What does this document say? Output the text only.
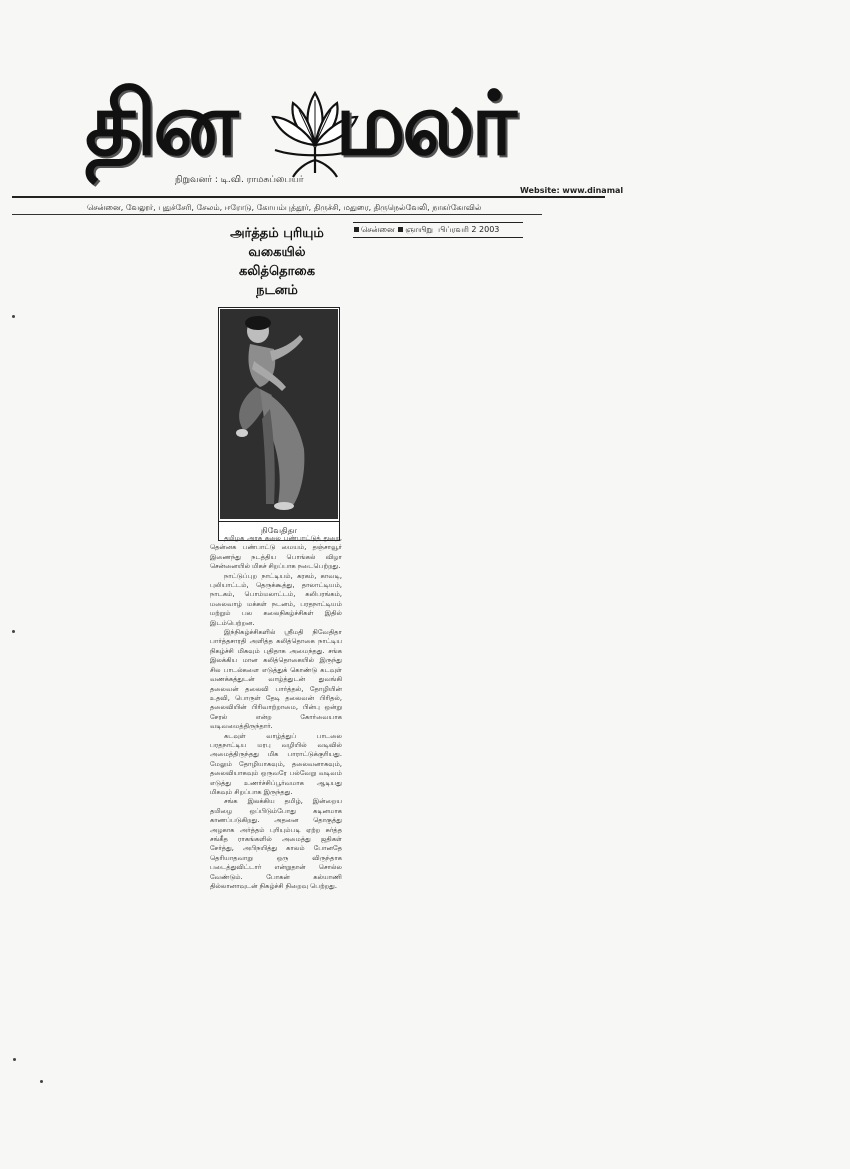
தின மலர்
நிறுவனர் : டி.வி. ராமசுப்பையர்
Website: www.dinamal
சென்னை, வேலூர், புதுச்சேரி, சேலம், ஈரோடு, கோயம்புத்தூர், திருச்சி, மதுரை, திருநெல்வேலி, நாகர்கோவில்
சென்னை ஞாயிறு பிப்ரவரி 2 2003
அர்த்தம் புரியும்
வகையில்
கலித்தொகை
நடனம்
நிவேதிதா

தமிழக அரசு கலை பண்பாட்டுத் துறை, தென்னக பண்பாட்டு மையம், தஞ்சாவூர் இணைந்து நடத்திய பொங்கல் விழா சென்னையில் மிகச் சிறப்பாக நடைபெற்றது.

நாட்டுப்புற நாட்டியம், கரகம், காவடி, புலியாட்டம், தெருக்கூத்து, தாலாட்டியம், நாடகம், பொம்மலாட்டம், கலிபரங்கம், மலைவாழ் மக்கள் நடனம், பரதநாட்டியம் மற்றும் பல கலைநிகழ்ச்சிகள் இதில் இடம்பெற்றன.

இந்நிகழ்ச்சிகளில் ஸ்ரீமதி நிவேதிதா பார்த்தசாரதி அளித்த கலித்தொகை நாட்டிய நிகழ்ச்சி மிகவும் புதிதாக அமைந்தது. சங்க இலக்கிய மான கலித்தொகையில் இருந்து சில பாடல்களை எடுத்துக் கொண்டு கடவுள் வணக்கத்துடன் வாழ்த்துடன் துவங்கி தலைவன் தலைவி பார்த்தல், தோழியின் உதவி, பொருள் தேடி தலைவன் பிரிதல், தலைவியின் பிரிவாற்றாமை, பின்பு ஒன்று சேரல் என்ற கோர்வையாக வடிவமைத்திருந்தார்.

கடவுள் வாழ்த்துப் பாடலை பரதநாட்டிய மரபு வழியில் வடிவில் அமைத்திருந்தது மிக பாராட்டுக்குரியது. மேலும் தோழியாகவும், தலைவனாகவும், தலைவியாகவும் ஒருவரே பல்வேறு வடிவம் எடுத்து உணர்ச்சிப்பூர்வமாக ஆடியது மிகவும் சிறப்பாக இருந்தது.

சங்க இலக்கிய தமிழ், இன்றைய தமிழை ஒப்பிடும்போது கடினமாக காணப்படுகிறது. அதனை தொகுத்து அழகாக அர்த்தம் புரியும்படி ஏற்ற சுர்த்த சங்கீத ராகங்களில் அமைத்து ஜதிகள் சேர்த்து, அபிநயித்து காலம் போனதே தெரியாதவாறு ஒரு விருந்தாக படைத்துவிட்டார் என்றுதான் சொல்ல வேண்டும். போகன் கல்யாணி தில்லானாவுடன் நிகழ்ச்சி நிறைவு பெற்றது.
